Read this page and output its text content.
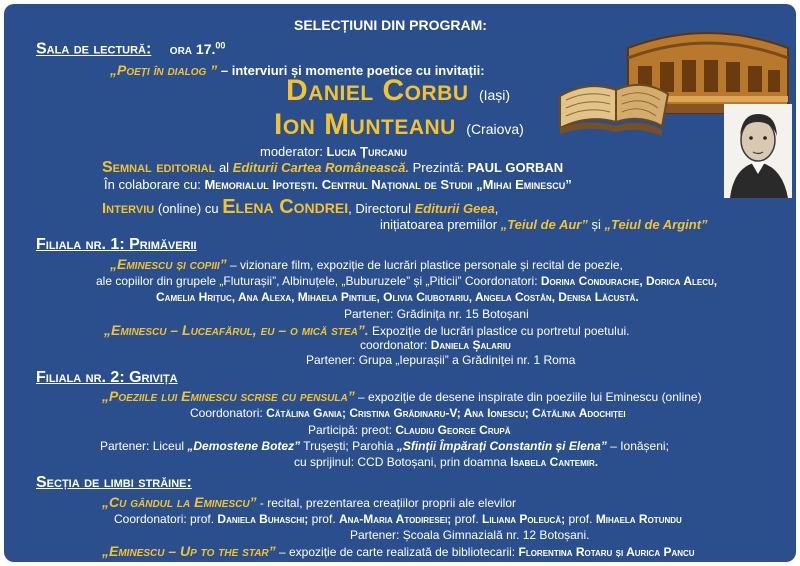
SELECȚIUNI DIN PROGRAM:
Sala de lectură: ora 17.00
„Poeți în dialog ” – interviuri și momente poetice cu invitații:
Daniel Corbu (Iași)
Ion Munteanu (Craiova)
moderator: Lucia Țurcanu
Semnal editorial al Editurii Cartea Românească. Prezintă: PAUL GORBAN
În colaborare cu: Memorialul Ipotești. Centrul Național de Studii „Mihai Eminescu”
Interviu (online) cu Elena Condrei, Directorul Editurii Geea,
inițiatoarea premiilor „Teiul de Aur” și „Teiul de Argint”
Filiala nr. 1: Primăverii
„Eminescu și copiii” – vizionare film, expoziție de lucrări plastice personale și recital de poezie,
ale copiilor din grupele „Fluturașii”, Albinuțele, „Buburuzele” și „Piticii” Coordonatori: Dorina Condurache, Dorica Alecu,
Camelia Hrițuc, Ana Alexa, Mihaela Pintilie, Olivia Ciubotariu, Angela Costân, Denisa Lăcustă.
Partener: Grădinița nr. 15 Botoșani
„Eminescu – Luceafărul, eu – o mică stea”. Expoziție de lucrări plastice cu portretul poetului.
coordonator: Daniela Șalariu
Partener: Grupa „Iepurașii” a Grădiniței nr. 1 Roma
Filiala nr. 2: Grivița
„Poeziile lui Eminescu scrise cu pensula” – expoziție de desene inspirate din poeziile lui Eminescu (online)
Coordonatori: Cătălina Gania; Cristina Grădinaru-V; Ana Ionescu; Cătălina Adochiței
Participă: preot: Claudiu George Crupă
Partener: Liceul „Demostene Botez” Trușești; Parohia „Sfinții Împărați Constantin și Elena” – Ionășeni;
cu sprijinul: CCD Botoșani, prin doamna Isabela Cantemir.
Secția de limbi străine:
„Cu gândul la Eminescu” - recital, prezentarea creațiilor proprii ale elevilor
Coordonatori: prof. Daniela Buhaschi; prof. Ana-Maria Atodiresei; prof. Liliana Poleucă; prof. Mihaela Rotundu
Partener: Școala Gimnazială nr. 12 Botoșani.
„Eminescu – Up to the star” – expoziție de carte realizată de bibliotecarii: Florentina Rotaru și Aurica Pancu
